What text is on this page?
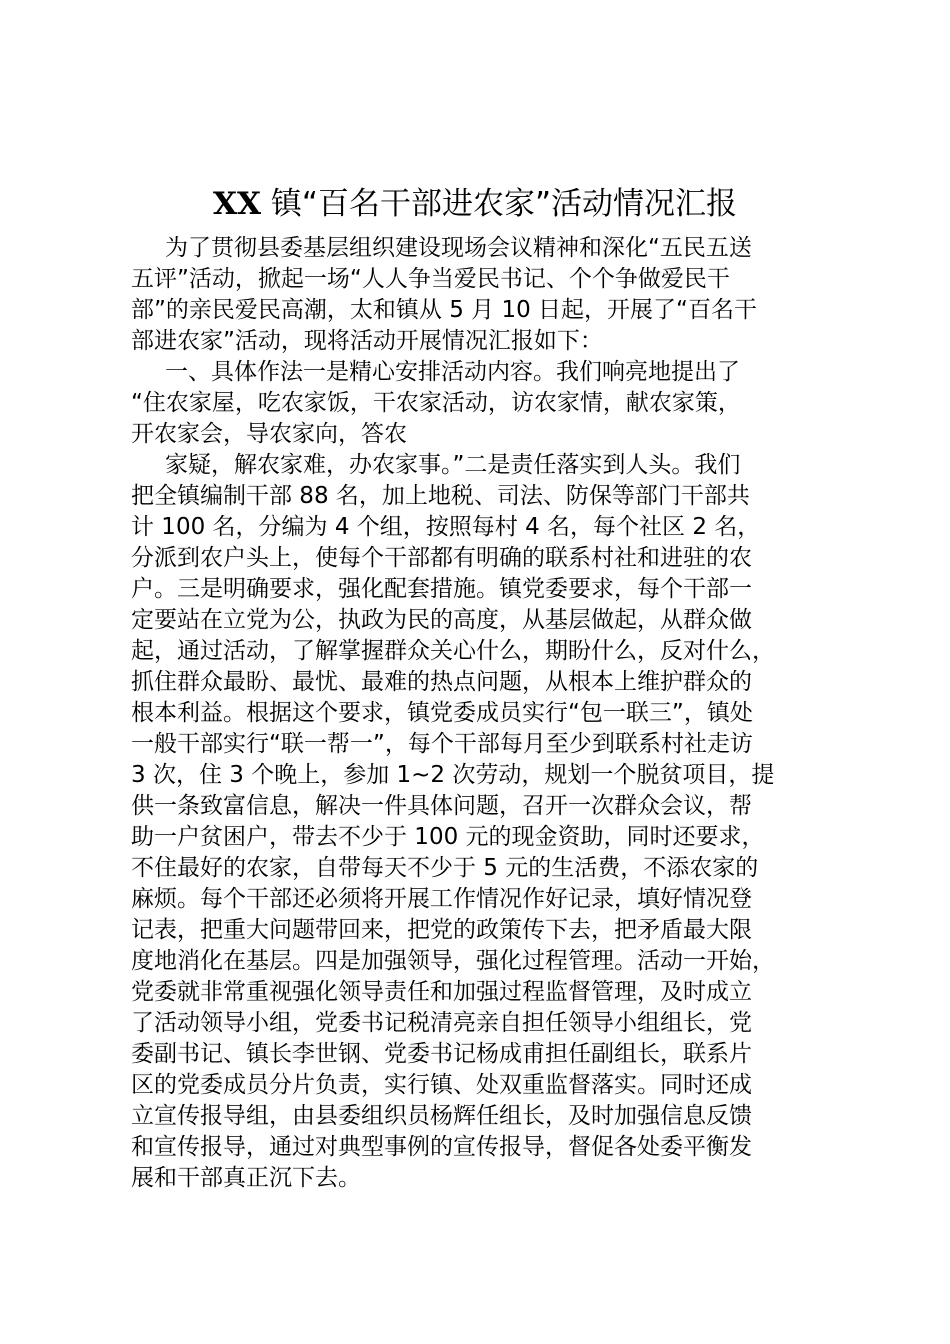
XX 镇“百名干部进农家”活动情况汇报

为了贯彻县委基层组织建设现场会议精神和深化“五民五送

五评”活动，掀起一场“人人争当爱民书记、个个争做爱民干

部”的亲民爱民高潮，太和镇从 5 月 10 日起，开展了“百名干

部进农家”活动，现将活动开展情况汇报如下：

一、具体作法一是精心安排活动内容。我们响亮地提出了

“住农家屋，吃农家饭，干农家活动，访农家情，献农家策，

开农家会，导农家向，答农

家疑，解农家难，办农家事。”二是责任落实到人头。我们

把全镇编制干部 88 名，加上地税、司法、防保等部门干部共

计 100 名，分编为 4 个组，按照每村 4 名，每个社区 2 名，

分派到农户头上，使每个干部都有明确的联系村社和进驻的农

户。三是明确要求，强化配套措施。镇党委要求，每个干部一

定要站在立党为公，执政为民的高度，从基层做起，从群众做

起，通过活动，了解掌握群众关心什么，期盼什么，反对什么，

抓住群众最盼、最忧、最难的热点问题，从根本上维护群众的

根本利益。根据这个要求，镇党委成员实行“包一联三”，镇处

一般干部实行“联一帮一”，每个干部每月至少到联系村社走访

3 次，住 3 个晚上，参加 1~2 次劳动，规划一个脱贫项目，提

供一条致富信息，解决一件具体问题，召开一次群众会议，帮

助一户贫困户，带去不少于 100 元的现金资助，同时还要求，

不住最好的农家，自带每天不少于 5 元的生活费，不添农家的

麻烦。每个干部还必须将开展工作情况作好记录，填好情况登

记表，把重大问题带回来，把党的政策传下去，把矛盾最大限

度地消化在基层。四是加强领导，强化过程管理。活动一开始，

党委就非常重视强化领导责任和加强过程监督管理，及时成立

了活动领导小组，党委书记税清亮亲自担任领导小组组长，党

委副书记、镇长李世钢、党委书记杨成甫担任副组长，联系片

区的党委成员分片负责，实行镇、处双重监督落实。同时还成

立宣传报导组，由县委组织员杨辉任组长，及时加强信息反馈

和宣传报导，通过对典型事例的宣传报导，督促各处委平衡发

展和干部真正沉下去。
